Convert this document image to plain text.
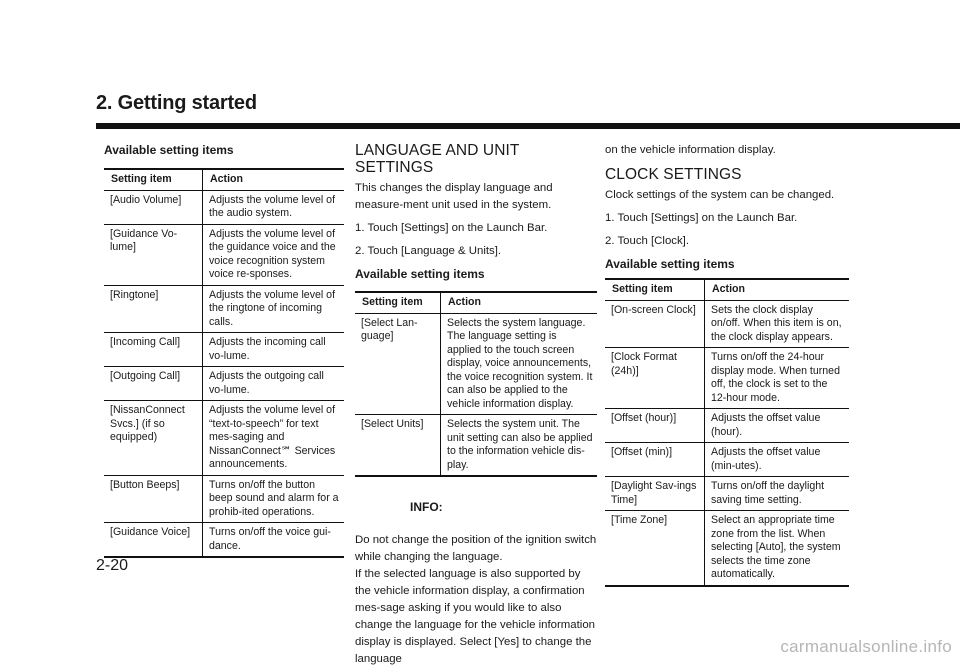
2. Getting started
Available setting items
Setting item	Action
[Audio Volume]	Adjusts the volume level of the audio system.
[Guidance Vo-lume]	Adjusts the volume level of the guidance voice and the voice recognition system voice re-sponses.
[Ringtone]	Adjusts the volume level of the ringtone of incoming calls.
[Incoming Call]	Adjusts the incoming call vo-lume.
[Outgoing Call]	Adjusts the outgoing call vo-lume.
[NissanConnect Svcs.] (if so equipped)	Adjusts the volume level of “text-to-speech” for text mes-saging and NissanConnect℠ Services announcements.
[Button Beeps]	Turns on/off the button beep sound and alarm for a prohib-ited operations.
[Guidance Voice]	Turns on/off the voice gui-dance.
LANGUAGE AND UNIT SETTINGS

This changes the display language and measure-ment unit used in the system.

1. Touch [Settings] on the Launch Bar.
2. Touch [Language & Units].
Available setting items
Setting item	Action
[Select Lan-guage]	Selects the system language. The language setting is applied to the touch screen display, voice announcements, the voice recognition system. It can also be applied to the vehicle information display.
[Select Units]	Selects the system unit. The unit setting can also be applied to the information vehicle dis-play.
INFO:

Do not change the position of the ignition switch while changing the language.

If the selected language is also supported by the vehicle information display, a confirmation mes-sage asking if you would like to also change the language for the vehicle information display is displayed. Select [Yes] to change the language

on the vehicle information display.

CLOCK SETTINGS

Clock settings of the system can be changed.

1. Touch [Settings] on the Launch Bar.
2. Touch [Clock].
Available setting items
Setting item	Action
[On-screen Clock]	Sets the clock display on/off. When this item is on, the clock display appears.
[Clock Format (24h)]	Turns on/off the 24-hour display mode. When turned off, the clock is set to the 12-hour mode.
[Offset (hour)]	Adjusts the offset value (hour).
[Offset (min)]	Adjusts the offset value (min-utes).
[Daylight Sav-ings Time]	Turns on/off the daylight saving time setting.
[Time Zone]	Select an appropriate time zone from the list. When selecting [Auto], the system selects the time zone automatically.
2-20
carmanualsonline.info
